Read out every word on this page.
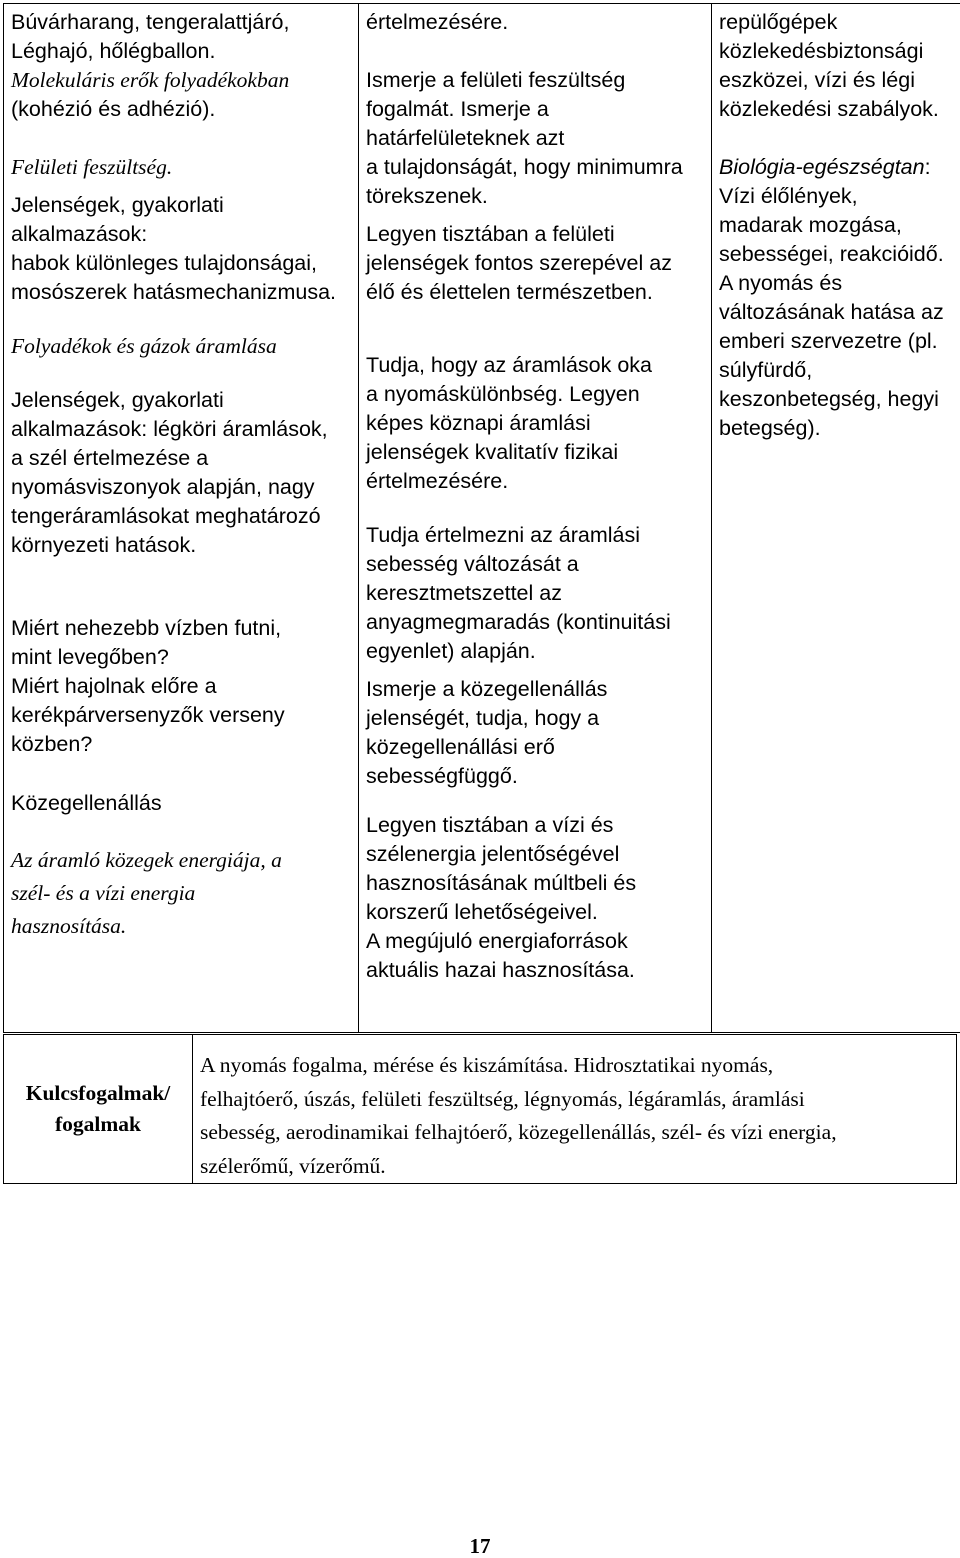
Búvárharang, tengeralattjáró,
Léghajó, hőlégballon.
Molekuláris erők folyadékokban
(kohézió és adhézió).
Felületi feszültség.
Jelenségek, gyakorlati
alkalmazások:
habok különleges tulajdonságai,
mosószerek hatásmechanizmusa.
Folyadékok és gázok áramlása
Jelenségek, gyakorlati
alkalmazások: légköri áramlások,
a szél értelmezése a
nyomásviszonyok alapján, nagy
tengeráramlásokat meghatározó
környezeti hatások.
Miért nehezebb vízben futni,
mint levegőben?
Miért hajolnak előre a
kerékpárversenyzők verseny
közben?
Közegellenállás
Az áramló közegek energiája, a
szél- és a vízi energia
hasznosítása.

értelmezésére.
Ismerje a felületi feszültség
fogalmát. Ismerje a
határfelületeknek azt
a tulajdonságát, hogy minimumra
törekszenek.
Legyen tisztában a felületi
jelenségek fontos szerepével az
élő és élettelen természetben.
Tudja, hogy az áramlások oka
a nyomáskülönbség. Legyen
képes köznapi áramlási
jelenségek kvalitatív fizikai
értelmezésére.
Tudja értelmezni az áramlási
sebesség változását a
keresztmetszettel az
anyagmegmaradás (kontinuitási
egyenlet) alapján.
Ismerje a közegellenállás
jelenségét, tudja, hogy a
közegellenállási erő
sebességfüggő.
Legyen tisztában a vízi és
szélenergia jelentőségével
hasznosításának múltbeli és
korszerű lehetőségeivel.
A megújuló energiaforrások
aktuális hazai hasznosítása.

repülőgépek
közlekedésbiztonsági
eszközei, vízi és légi
közlekedési szabályok.
Biológia-egészségtan:
Vízi élőlények,
madarak mozgása,
sebességei, reakcióidő.
A nyomás és
változásának hatása az
emberi szervezetre (pl.
súlyfürdő,
keszonbetegség, hegyi
betegség).
Kulcsfogalmak/
fogalmak

A nyomás fogalma, mérése és kiszámítása. Hidrosztatikai nyomás,
felhajtóerő, úszás, felületi feszültség, légnyomás, légáramlás, áramlási
sebesség, aerodinamikai felhajtóerő, közegellenállás, szél- és vízi energia,
szélerőmű, vízerőmű.
17
